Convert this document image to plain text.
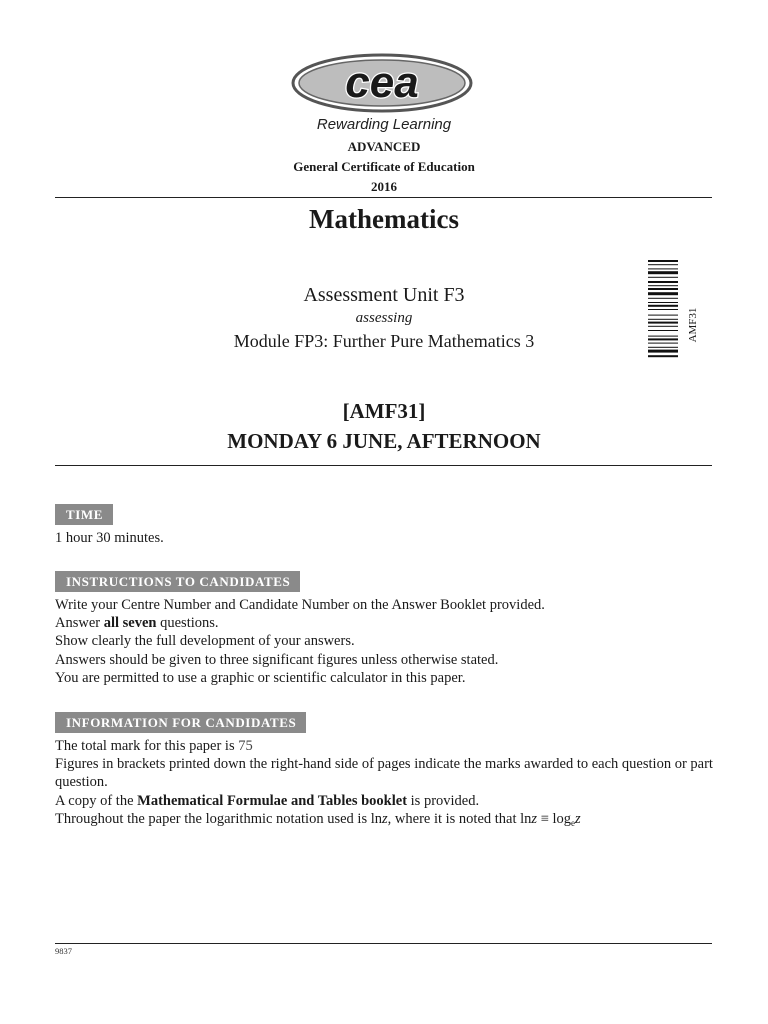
cea
Rewarding Learning
ADVANCED
General Certificate of Education
2016
Mathematics
Assessment Unit F3
assessing
Module FP3: Further Pure Mathematics 3	AMF31
[AMF31]
MONDAY 6 JUNE, AFTERNOON
TIME
1 hour 30 minutes.
INSTRUCTIONS TO CANDIDATES
Write your Centre Number and Candidate Number on the Answer Booklet provided.
Answer all seven questions.
Show clearly the full development of your answers.
Answers should be given to three significant figures unless otherwise stated.
You are permitted to use a graphic or scientific calculator in this paper.
INFORMATION FOR CANDIDATES
The total mark for this paper is 75
Figures in brackets printed down the right-hand side of pages indicate the marks awarded to each question or part question.
A copy of the Mathematical Formulae and Tables booklet is provided.
Throughout the paper the logarithmic notation used is lnz, where it is noted that $\ln z \equiv \log_ez$
9837
